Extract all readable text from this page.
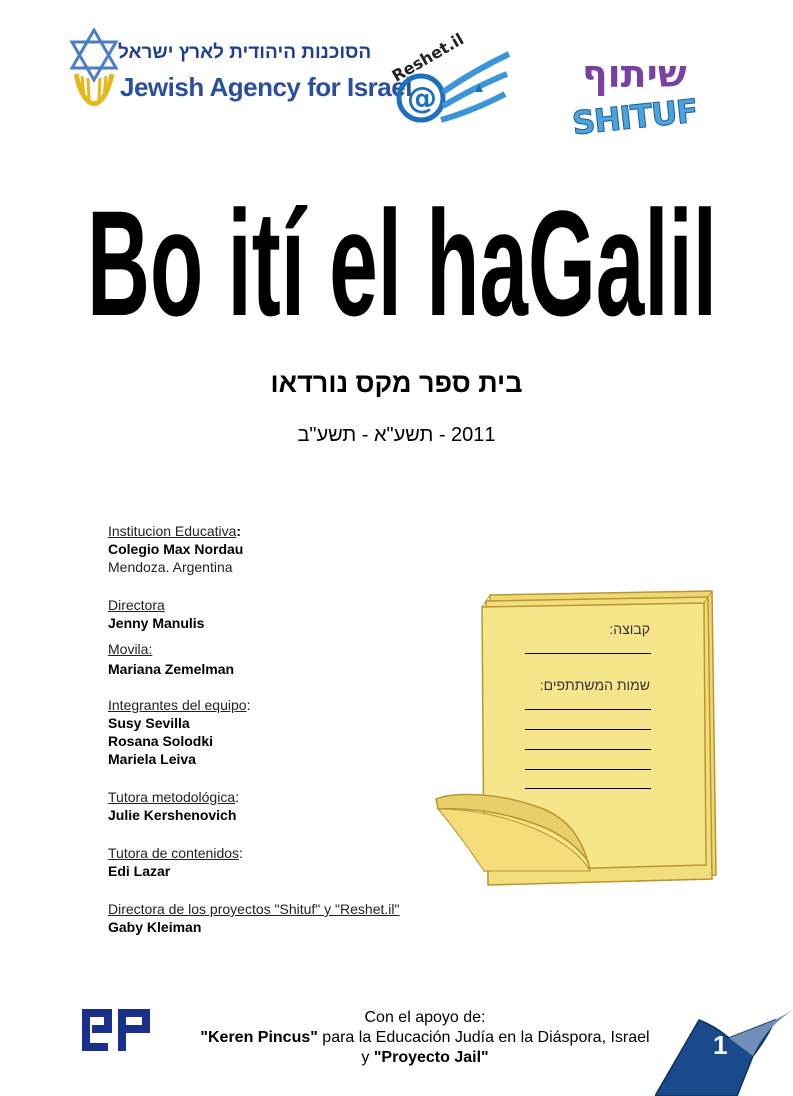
הסוכנות היהודית לארץ ישראל
Jewish Agency for Israel
@
Reshet.il	שיתוף
SHITUF
Bo ití el haGalil
בית ספר מקס נורדאו
2011 - תשע"א - תשע"ב
Institucion Educativa:
Colegio Max Nordau
Mendoza. Argentina
Directora
Jenny Manulis
Movila:
Mariana Zemelman
Integrantes del equipo:
Susy Sevilla
Rosana Solodki
Mariela Leiva
Tutora metodológica:
Julie Kershenovich
Tutora de contenidos:
Edi Lazar
Directora de los proyectos "Shituf" y "Reshet.il"
Gaby Kleiman
קבוצה:
שמות המשתתפים:
Con el apoyo de:
"Keren Pincus" para la Educación Judía en la Diáspora, Israel
y "Proyecto Jail"	1
